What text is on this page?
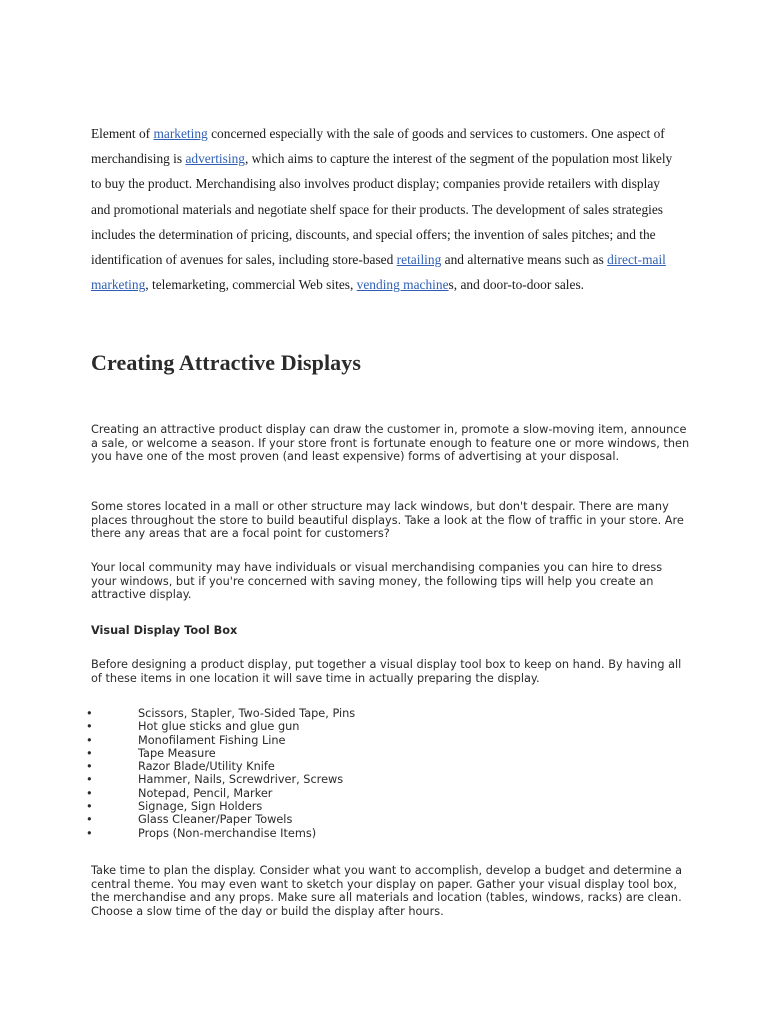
Element of marketing concerned especially with the sale of goods and services to customers. One aspect of merchandising is advertising, which aims to capture the interest of the segment of the population most likely to buy the product. Merchandising also involves product display; companies provide retailers with display and promotional materials and negotiate shelf space for their products. The development of sales strategies includes the determination of pricing, discounts, and special offers; the invention of sales pitches; and the identification of avenues for sales, including store-based retailing and alternative means such as direct-mail marketing, telemarketing, commercial Web sites, vending machines, and door-to-door sales.

Creating Attractive Displays

Creating an attractive product display can draw the customer in, promote a slow-moving item, announce a sale, or welcome a season. If your store front is fortunate enough to feature one or more windows, then you have one of the most proven (and least expensive) forms of advertising at your disposal.

Some stores located in a mall or other structure may lack windows, but don't despair. There are many places throughout the store to build beautiful displays. Take a look at the flow of traffic in your store. Are there any areas that are a focal point for customers?

Your local community may have individuals or visual merchandising companies you can hire to dress your windows, but if you're concerned with saving money, the following tips will help you create an attractive display.

Visual Display Tool Box

Before designing a product display, put together a visual display tool box to keep on hand. By having all of these items in one location it will save time in actually preparing the display.

•	Scissors, Stapler, Two-Sided Tape, Pins
•	Hot glue sticks and glue gun
•	Monofilament Fishing Line
•	Tape Measure
•	Razor Blade/Utility Knife
•	Hammer, Nails, Screwdriver, Screws
•	Notepad, Pencil, Marker
•	Signage, Sign Holders
•	Glass Cleaner/Paper Towels
•	Props (Non-merchandise Items)

Take time to plan the display. Consider what you want to accomplish, develop a budget and determine a central theme. You may even want to sketch your display on paper. Gather your visual display tool box, the merchandise and any props. Make sure all materials and location (tables, windows, racks) are clean. Choose a slow time of the day or build the display after hours.
